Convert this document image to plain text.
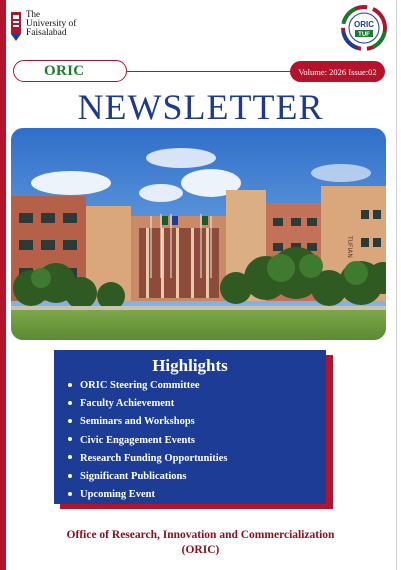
The
University of
Faisalabad
ORIC
TUF
ORIC	Volume: 2026 Issue:02
NEWSLETTER
TUFIAN
Highlights
ORIC Steering Committee
Faculty Achievement
Seminars and Workshops
Civic Engagement Events
Research Funding Opportunities
Significant Publications
Upcoming Event
Office of Research, Innovation and Commercialization
(ORIC)
